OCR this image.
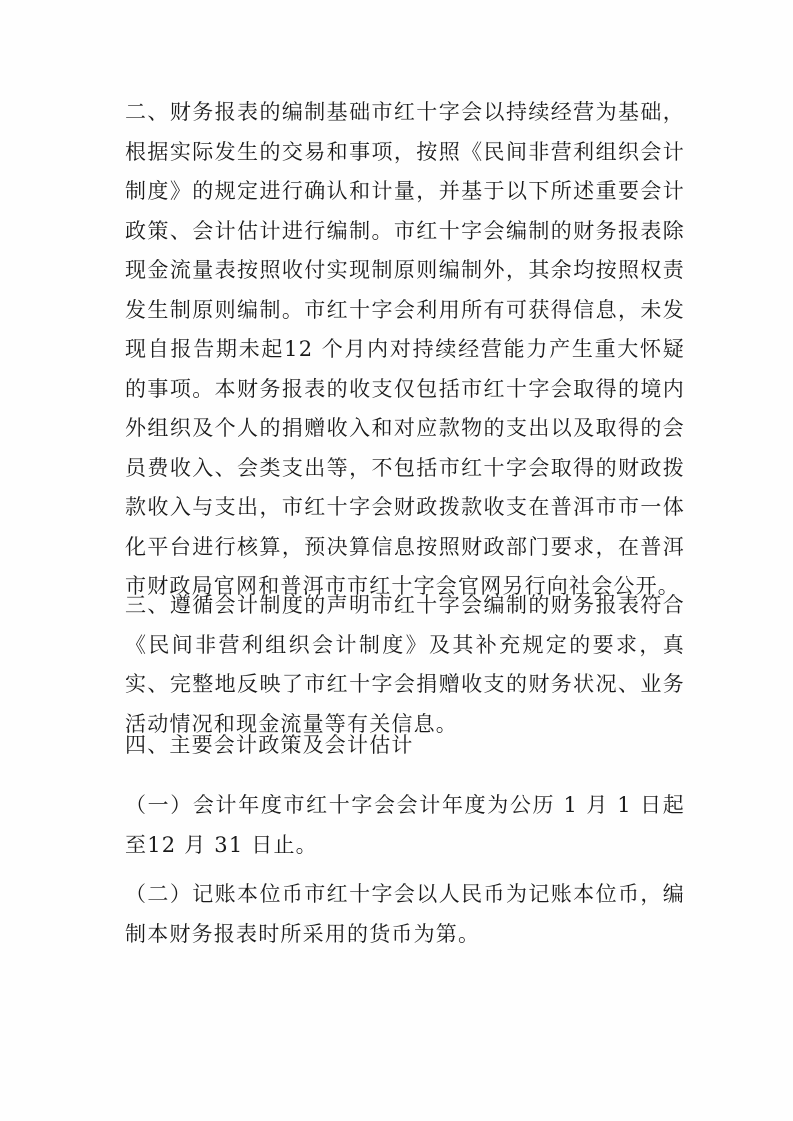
二、财务报表的编制基础市红十字会以持续经营为基础，根据实际发生的交易和事项，按照《民间非营利组织会计制度》的规定进行确认和计量，并基于以下所述重要会计政策、会计估计进行编制。市红十字会编制的财务报表除现金流量表按照收付实现制原则编制外，其余均按照权责发生制原则编制。市红十字会利用所有可获得信息，未发现自报告期未起12 个月内对持续经营能力产生重大怀疑的事项。本财务报表的收支仅包括市红十字会取得的境内外组织及个人的捐赠收入和对应款物的支出以及取得的会员费收入、会类支出等，不包括市红十字会取得的财政拨款收入与支出，市红十字会财政拨款收支在普洱市市一体化平台进行核算，预决算信息按照财政部门要求，在普洱市财政局官网和普洱市市红十字会官网另行向社会公开。

三、遵循会计制度的声明市红十字会编制的财务报表符合《民间非营利组织会计制度》及其补充规定的要求，真实、完整地反映了市红十字会捐赠收支的财务状况、业务活动情况和现金流量等有关信息。

四、主要会计政策及会计估计

（一）会计年度市红十字会会计年度为公历 1 月 1 日起至12 月 31 日止。

（二）记账本位币市红十字会以人民币为记账本位币，编制本财务报表时所采用的货币为第。
